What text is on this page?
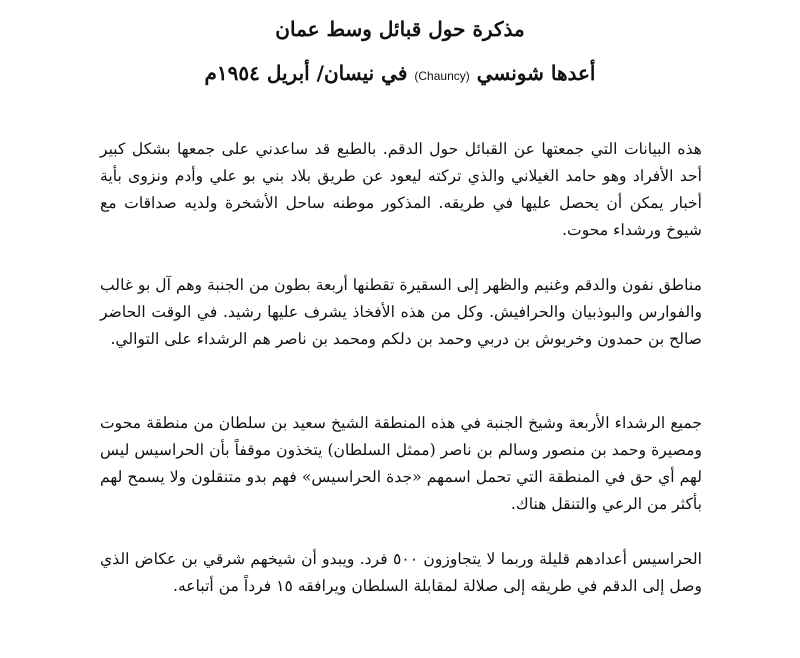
مذكرة حول قبائل وسط عمان
أعدها شونسي (Chauncy) في نيسان/ أبريل ١٩٥٤م

هذه البيانات التي جمعتها عن القبائل حول الدقم. بالطبع قد ساعدني على جمعها بشكل كبير أحد الأفراد وهو حامد الغيلاني والذي تركته ليعود عن طريق بلاد بني بو علي وأدم ونزوى بأية أخبار يمكن أن يحصل عليها في طريقه. المذكور موطنه ساحل الأشخرة ولديه صداقات مع شيوخ ورشداء محوت.

مناطق نفون والدقم وغنيم والظهر إلى السقيرة تقطنها أربعة بطون من الجنبة وهم آل بو غالب والفوارس والبوذبيان والحرافيش. وكل من هذه الأفخاذ يشرف عليها رشيد. في الوقت الحاضر صالح بن حمدون وخربوش بن دربي وحمد بن دلكم ومحمد بن ناصر هم الرشداء على التوالي.

جميع الرشداء الأربعة وشيخ الجنبة في هذه المنطقة الشيخ سعيد بن سلطان من منطقة محوت ومصيرة وحمد بن منصور وسالم بن ناصر (ممثل السلطان) يتخذون موقفاً بأن الحراسيس ليس لهم أي حق في المنطقة التي تحمل اسمهم «جدة الحراسيس» فهم بدو متنقلون ولا يسمح لهم بأكثر من الرعي والتنقل هناك.

الحراسيس أعدادهم قليلة وربما لا يتجاوزون ٥٠٠ فرد. ويبدو أن شيخهم شرقي بن عكاض الذي وصل إلى الدقم في طريقه إلى صلالة لمقابلة السلطان ويرافقه ١٥ فرداً من أتباعه.
